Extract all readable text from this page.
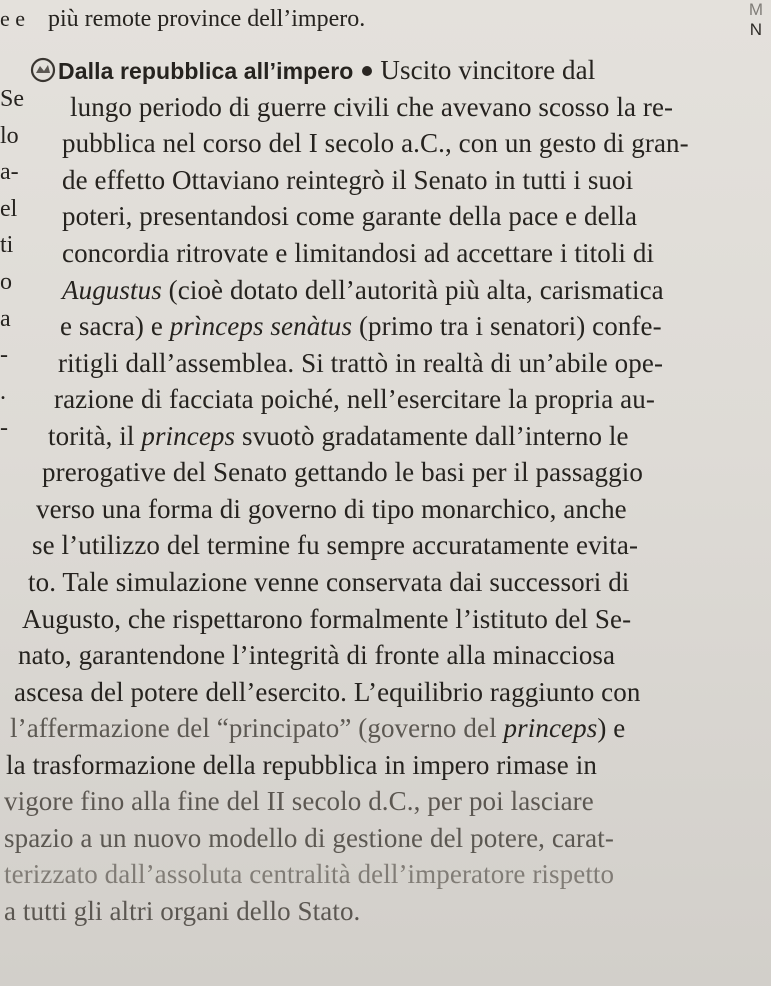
e e più remote province dell’impero.	M
N
Se
lo
a-
el
ti
o
a
-
.
-
Dalla repubblica all’impero Uscito vincitore dal
lungo periodo di guerre civili che avevano scosso la re-
pubblica nel corso del I secolo a.C., con un gesto di gran-
de effetto Ottaviano reintegrò il Senato in tutti i suoi
poteri, presentandosi come garante della pace e della
concordia ritrovate e limitandosi ad accettare i titoli di
Augustus (cioè dotato dell’autorità più alta, carismatica
e sacra) e prìnceps senàtus (primo tra i senatori) confe-
ritigli dall’assemblea. Si trattò in realtà di un’abile ope-
razione di facciata poiché, nell’esercitare la propria au-
torità, il princeps svuotò gradatamente dall’interno le
prerogative del Senato gettando le basi per il passaggio
verso una forma di governo di tipo monarchico, anche
se l’utilizzo del termine fu sempre accuratamente evita-
to. Tale simulazione venne conservata dai successori di
Augusto, che rispettarono formalmente l’istituto del Se-
nato, garantendone l’integrità di fronte alla minacciosa
ascesa del potere dell’esercito. L’equilibrio raggiunto con
l’affermazione del “principato” (governo del princeps) e
la trasformazione della repubblica in impero rimase in
vigore fino alla fine del II secolo d.C., per poi lasciare
spazio a un nuovo modello di gestione del potere, carat-
terizzato dall’assoluta centralità dell’imperatore rispetto
a tutti gli altri organi dello Stato.
